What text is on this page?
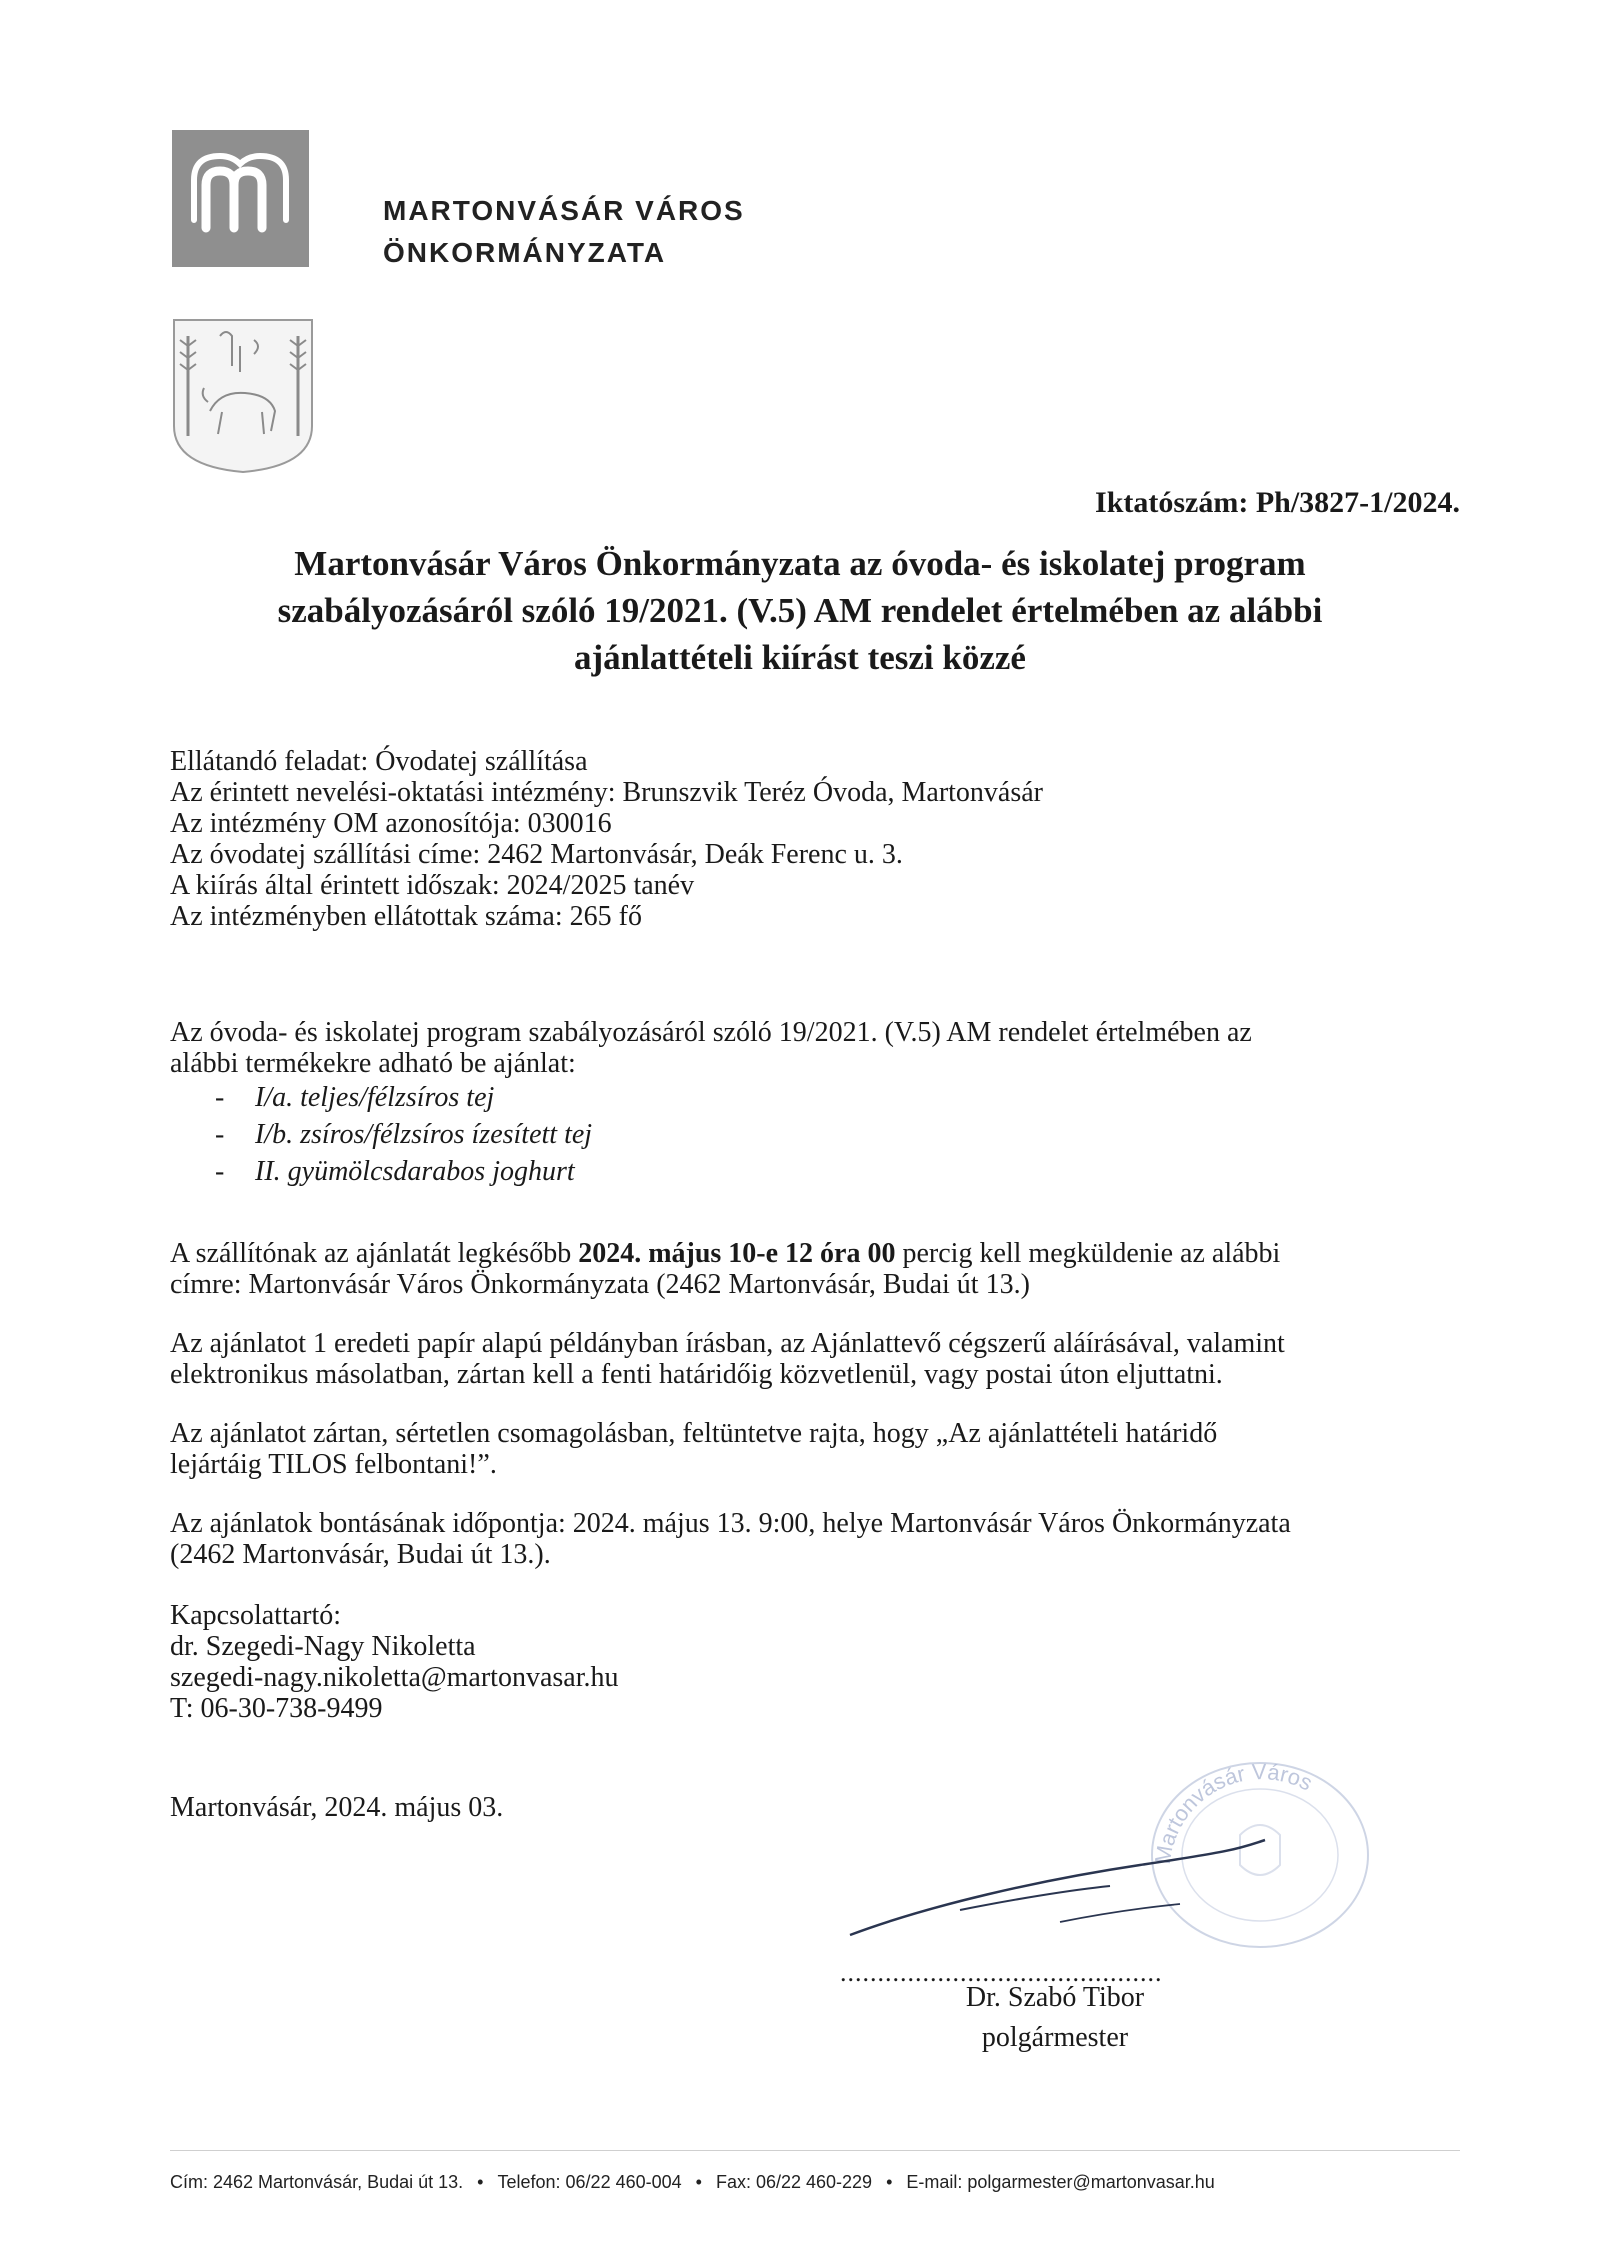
MARTONVÁSÁR VÁROS
ÖNKORMÁNYZATA
Iktatószám: Ph/3827-1/2024.
Martonvásár Város Önkormányzata az óvoda- és iskolatej program
szabályozásáról szóló 19/2021. (V.5) AM rendelet értelmében az alábbi
ajánlattételi kiírást teszi közzé

Ellátandó feladat: Óvodatej szállítása

Az érintett nevelési-oktatási intézmény: Brunszvik Teréz Óvoda, Martonvásár

Az intézmény OM azonosítója: 030016

Az óvodatej szállítási címe: 2462 Martonvásár, Deák Ferenc u. 3.

A kiírás által érintett időszak: 2024/2025 tanév

Az intézményben ellátottak száma: 265 fő

Az óvoda- és iskolatej program szabályozásáról szóló 19/2021. (V.5) AM rendelet értelmében az

alábbi termékekre adható be ajánlat:

- I/a. teljes/félzsíros tej
- I/b. zsíros/félzsíros ízesített tej
- II. gyümölcsdarabos joghurt

A szállítónak az ajánlatát legkésőbb 2024. május 10-e 12 óra 00 percig kell megküldenie az alábbi

címre: Martonvásár Város Önkormányzata (2462 Martonvásár, Budai út 13.)

Az ajánlatot 1 eredeti papír alapú példányban írásban, az Ajánlattevő cégszerű aláírásával, valamint

elektronikus másolatban, zártan kell a fenti határidőig közvetlenül, vagy postai úton eljuttatni.

Az ajánlatot zártan, sértetlen csomagolásban, feltüntetve rajta, hogy „Az ajánlattételi határidő

lejártáig TILOS felbontani!”.

Az ajánlatok bontásának időpontja: 2024. május 13. 9:00, helye Martonvásár Város Önkormányzata

(2462 Martonvásár, Budai út 13.).

Kapcsolattartó:

dr. Szegedi-Nagy Nikoletta

szegedi-nagy.nikoletta@martonvasar.hu

T: 06-30-738-9499

Martonvásár, 2024. május 03.
Martonvásár Város
...........................................
Dr. Szabó Tibor
polgármester
Cím: 2462 Martonvásár, Budai út 13. • Telefon: 06/22 460-004 • Fax: 06/22 460-229 • E-mail: polgarmester@martonvasar.hu
